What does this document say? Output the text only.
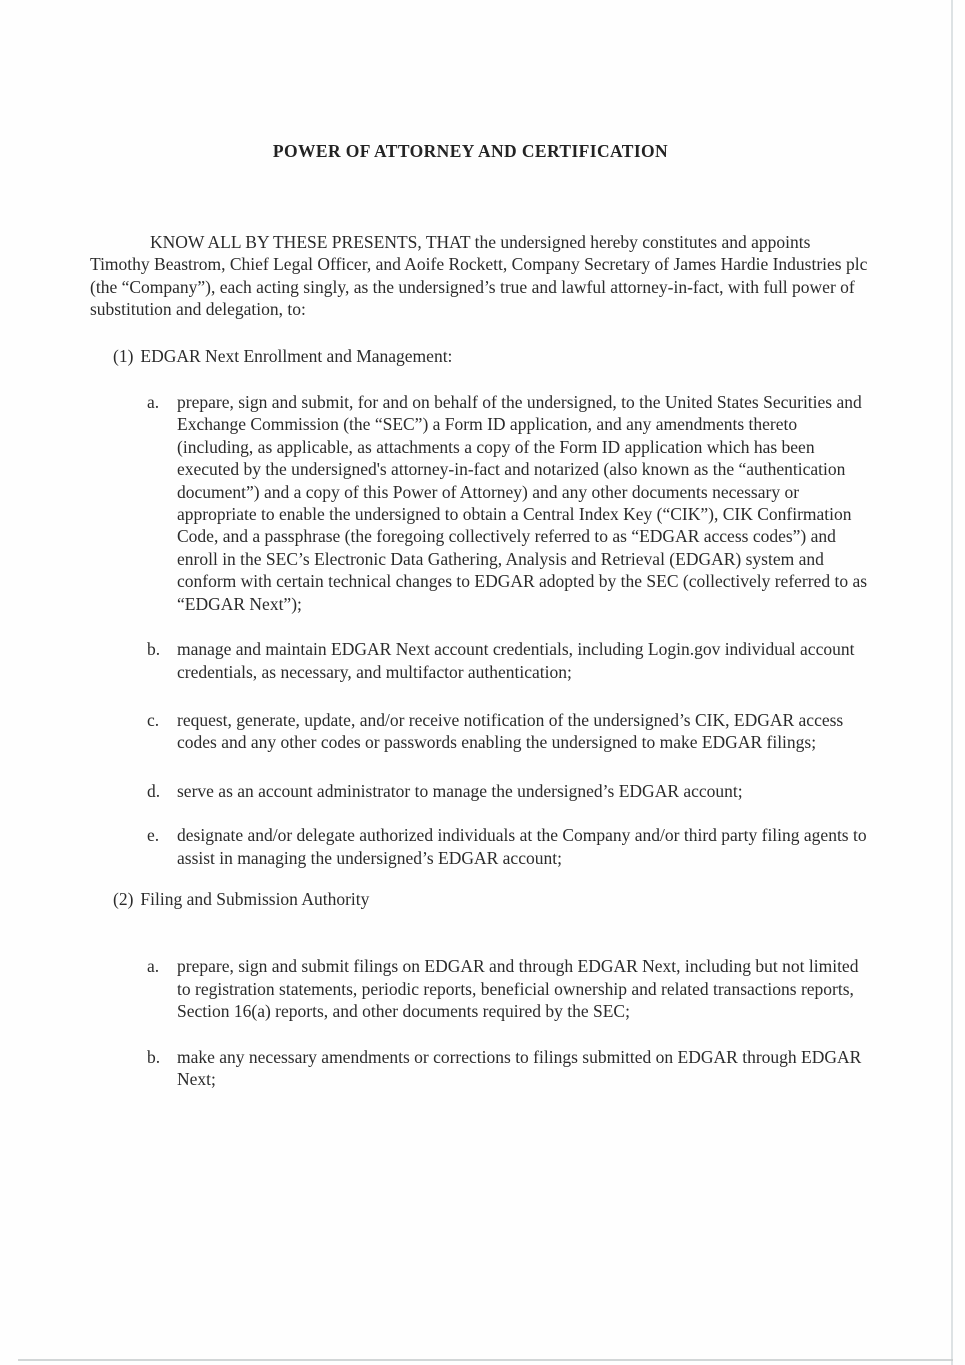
POWER OF ATTORNEY AND CERTIFICATION

KNOW ALL BY THESE PRESENTS, THAT the undersigned hereby constitutes and appoints Timothy Beastrom, Chief Legal Officer, and Aoife Rockett, Company Secretary of James Hardie Industries plc (the “Company”), each acting singly, as the undersigned’s true and lawful attorney-in-fact, with full power of substitution and delegation, to:

(1) EDGAR Next Enrollment and Management:
a.	prepare, sign and submit, for and on behalf of the undersigned, to the United States Securities and Exchange Commission (the “SEC”) a Form ID application, and any amendments thereto (including, as applicable, as attachments a copy of the Form ID application which has been executed by the undersigned's attorney-in-fact and notarized (also known as the “authentication document”) and a copy of this Power of Attorney) and any other documents necessary or appropriate to enable the undersigned to obtain a Central Index Key (“CIK”), CIK Confirmation Code, and a passphrase (the foregoing collectively referred to as “EDGAR access codes”) and enroll in the SEC’s Electronic Data Gathering, Analysis and Retrieval (EDGAR) system and conform with certain technical changes to EDGAR adopted by the SEC (collectively referred to as “EDGAR Next”);
b. manage and maintain EDGAR Next account credentials, including Login.gov individual account credentials, as necessary, and multifactor authentication;
c.	request, generate, update, and/or receive notification of the undersigned’s CIK, EDGAR access codes and any other codes or passwords enabling the undersigned to make EDGAR filings;
d. serve as an account administrator to manage the undersigned’s EDGAR account;
e.	designate and/or delegate authorized individuals at the Company and/or third party filing agents to assist in managing the undersigned’s EDGAR account;
(2) Filing and Submission Authority
a.	prepare, sign and submit filings on EDGAR and through EDGAR Next, including but not limited to registration statements, periodic reports, beneficial ownership and related transactions reports, Section 16(a) reports, and other documents required by the SEC;
b. make any necessary amendments or corrections to filings submitted on EDGAR through EDGAR Next;
